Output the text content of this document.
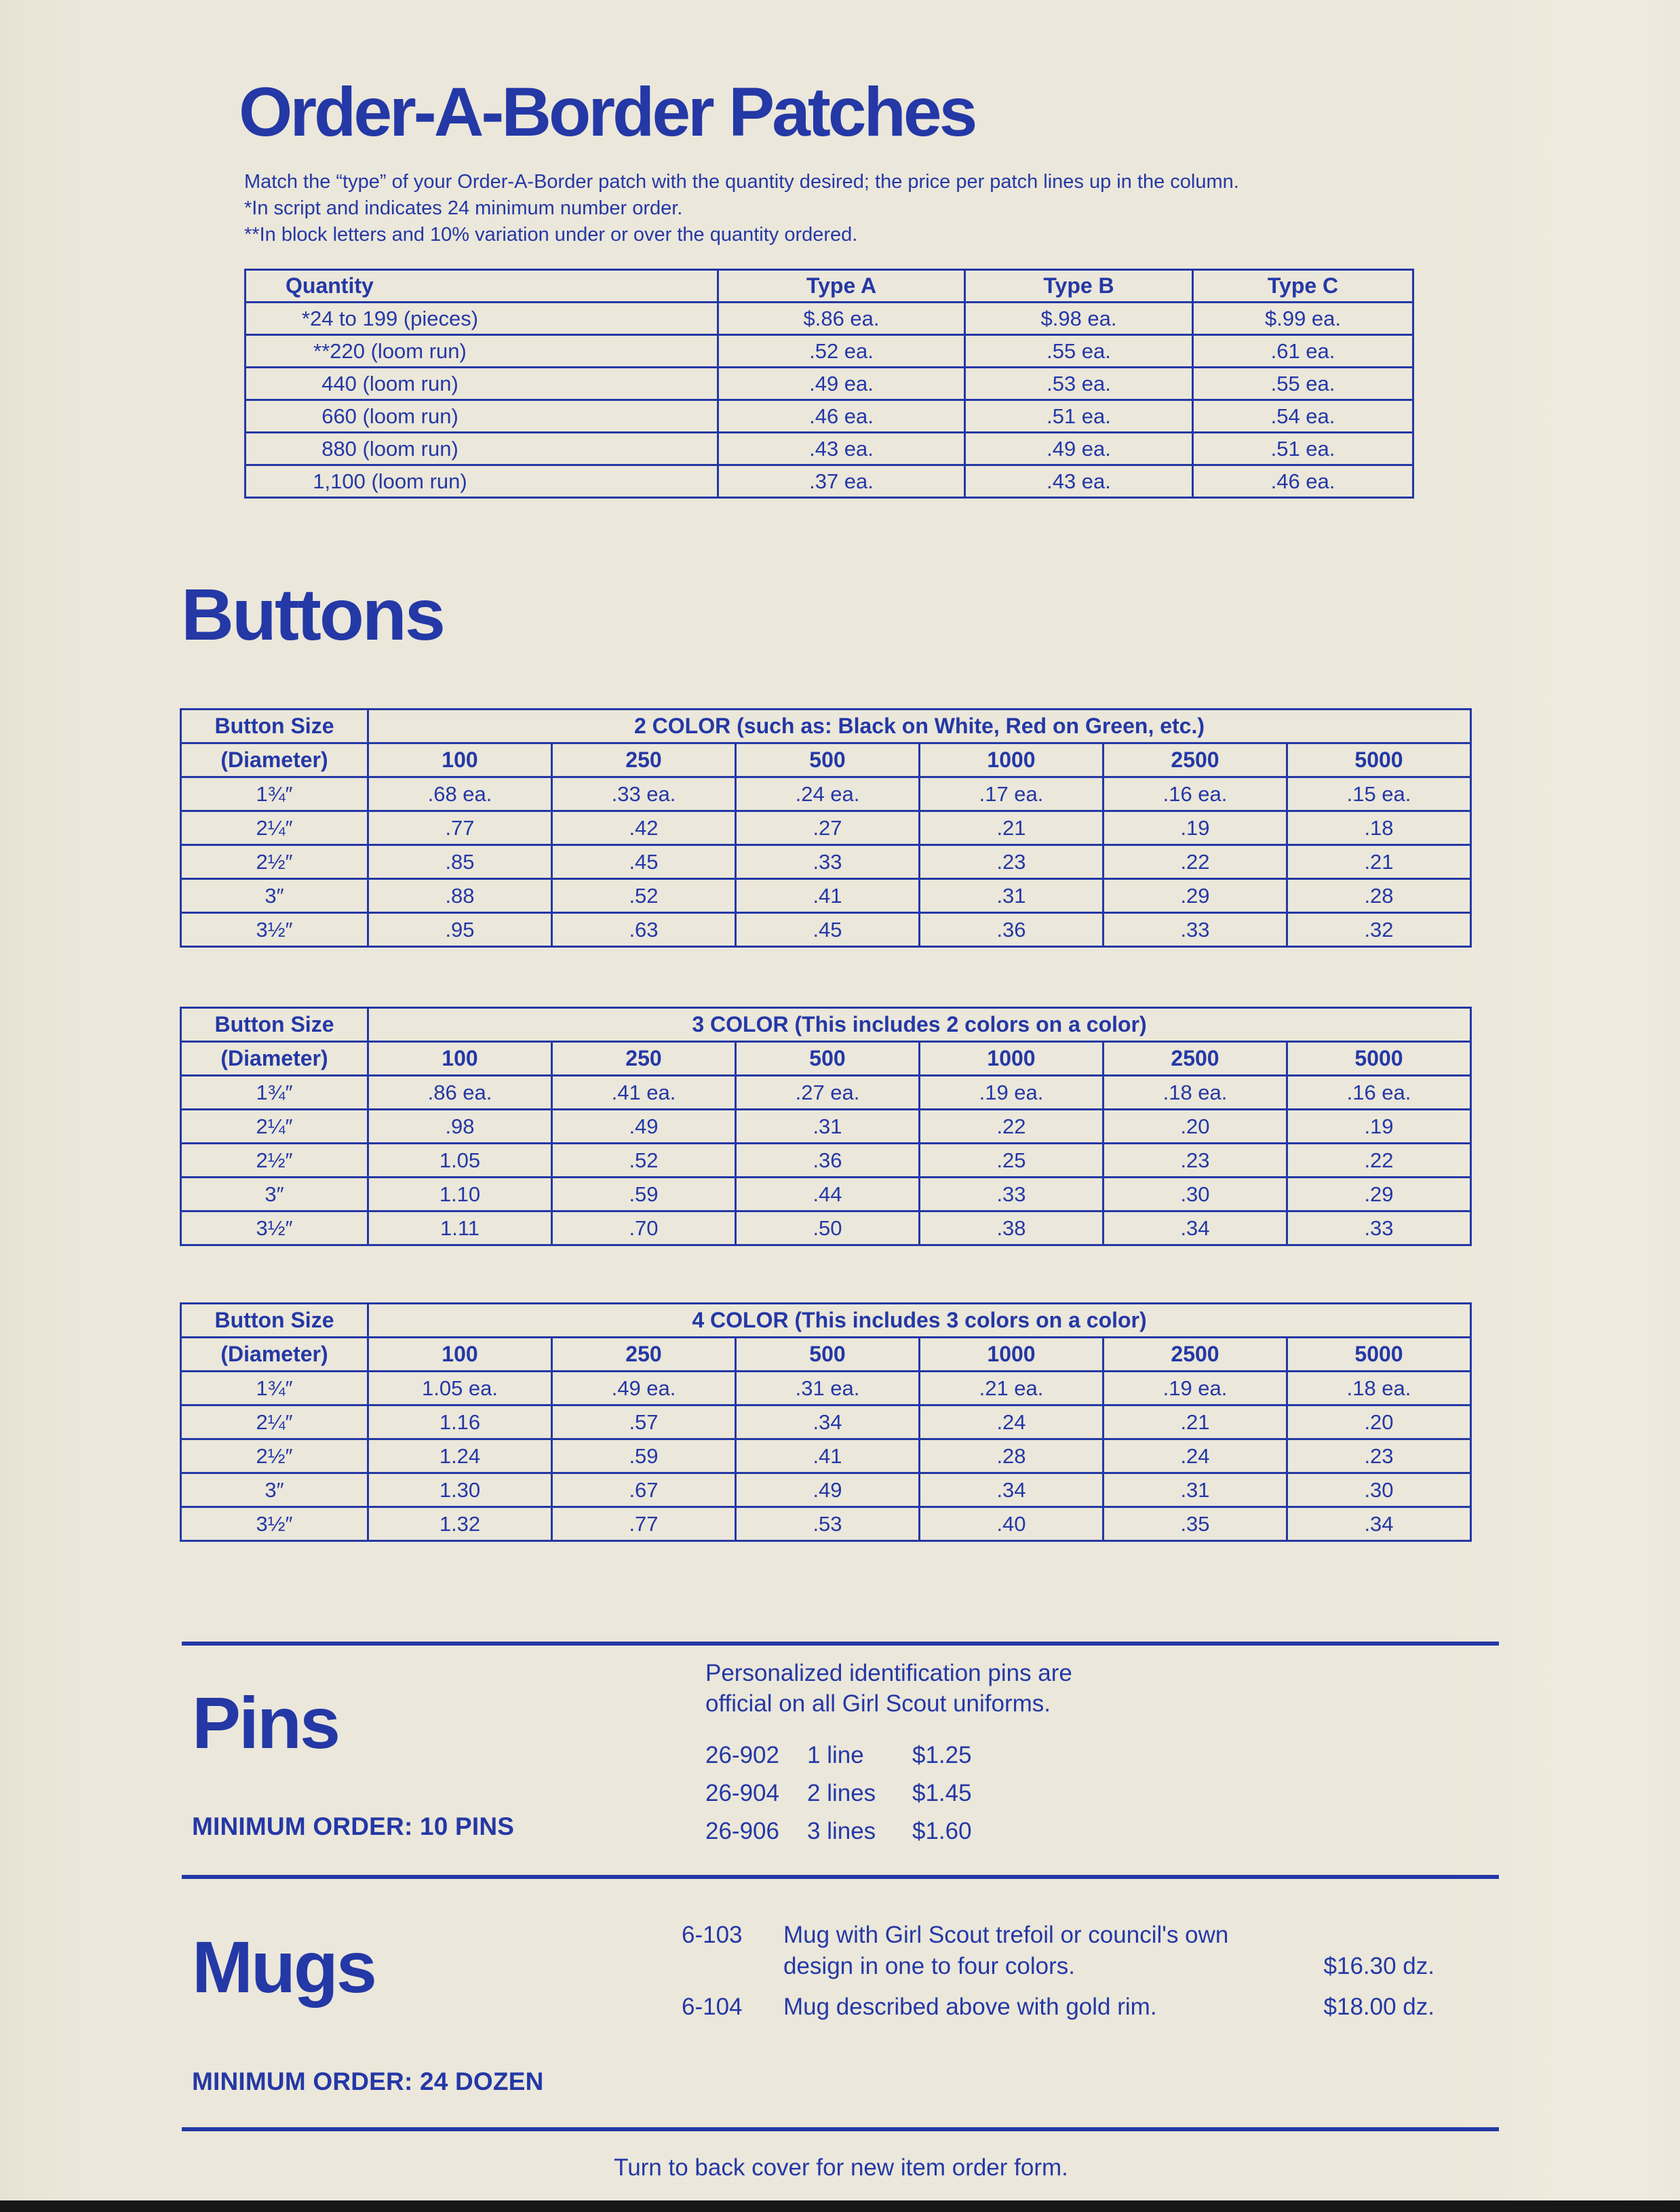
Order-A-Border Patches

Match the “type” of your Order-A-Border patch with the quantity desired; the price per patch lines up in the column.

*In script and indicates 24 minimum number order.

**In block letters and 10% variation under or over the quantity ordered.

Quantity	Type A	Type B	Type C
*24 to 199 (pieces)	$.86 ea.	$.98 ea.	$.99 ea.
**220 (loom run)	.52 ea.	.55 ea.	.61 ea.
440 (loom run)	.49 ea.	.53 ea.	.55 ea.
660 (loom run)	.46 ea.	.51 ea.	.54 ea.
880 (loom run)	.43 ea.	.49 ea.	.51 ea.
1,100 (loom run)	.37 ea.	.43 ea.	.46 ea.
Buttons
Button Size	2 COLOR (such as: Black on White, Red on Green, etc.)					
(Diameter)	100	250	500	1000	2500	5000
1¾″	.68 ea.	.33 ea.	.24 ea.	.17 ea.	.16 ea.	.15 ea.
2¼″	.77	.42	.27	.21	.19	.18
2½″	.85	.45	.33	.23	.22	.21
3″	.88	.52	.41	.31	.29	.28
3½″	.95	.63	.45	.36	.33	.32
Button Size	3 COLOR (This includes 2 colors on a color)					
(Diameter)	100	250	500	1000	2500	5000
1¾″	.86 ea.	.41 ea.	.27 ea.	.19 ea.	.18 ea.	.16 ea.
2¼″	.98	.49	.31	.22	.20	.19
2½″	1.05	.52	.36	.25	.23	.22
3″	1.10	.59	.44	.33	.30	.29
3½″	1.11	.70	.50	.38	.34	.33
Button Size	4 COLOR (This includes 3 colors on a color)					
(Diameter)	100	250	500	1000	2500	5000
1¾″	1.05 ea.	.49 ea.	.31 ea.	.21 ea.	.19 ea.	.18 ea.
2¼″	1.16	.57	.34	.24	.21	.20
2½″	1.24	.59	.41	.28	.24	.23
3″	1.30	.67	.49	.34	.31	.30
3½″	1.32	.77	.53	.40	.35	.34
Pins
MINIMUM ORDER: 10 PINS

Personalized identification pins are

official on all Girl Scout uniforms.

26-902	1 line	$1.25
26-904	2 lines	$1.45
26-906	3 lines	$1.60
Mugs	6-103	Mug with Girl Scout trefoil or council's own design in one to four colors.	$16.30 dz.
6-104	Mug described above with gold rim.	$18.00 dz.
MINIMUM ORDER: 24 DOZEN

Turn to back cover for new item order form.
